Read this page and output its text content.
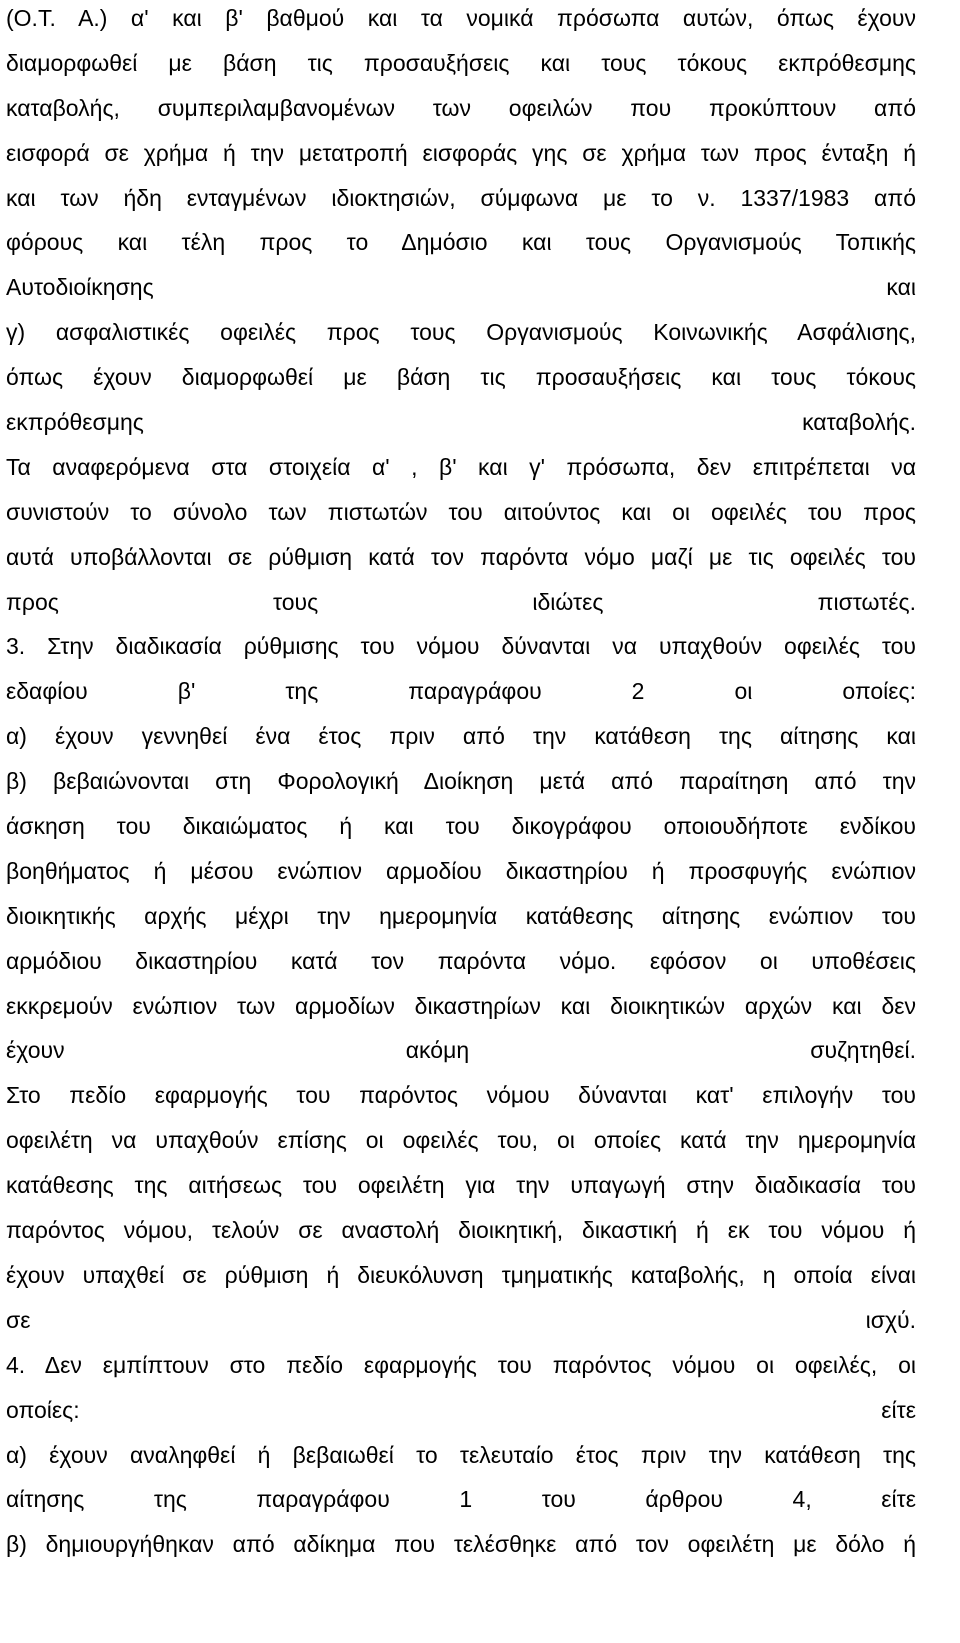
(Ο.Τ. Α.) α' και β' βαθμού και τα νομικά πρόσωπα αυτών, όπως έχουν
διαμορφωθεί με βάση τις προσαυξήσεις και τους τόκους εκπρόθεσμης
καταβολής, συμπεριλαμβανομένων των οφειλών που προκύπτουν από
εισφορά σε χρήμα ή την μετατροπή εισφοράς γης σε χρήμα των προς ένταξη ή
και των ήδη ενταγμένων ιδιοκτησιών, σύμφωνα με το ν. 1337/1983 από
φόρους και τέλη προς το Δημόσιο και τους Οργανισμούς Τοπικής
Αυτοδιοίκησης και
γ) ασφαλιστικές οφειλές προς τους Οργανισμούς Κοινωνικής Ασφάλισης,
όπως έχουν διαμορφωθεί με βάση τις προσαυξήσεις και τους τόκους
εκπρόθεσμης καταβολής.
Τα αναφερόμενα στα στοιχεία α' , β' και γ' πρόσωπα, δεν επιτρέπεται να
συνιστούν το σύνολο των πιστωτών του αιτούντος και οι οφειλές του προς
αυτά υποβάλλονται σε ρύθμιση κατά τον παρόντα νόμο μαζί με τις οφειλές του
προς τους ιδιώτες πιστωτές.
3. Στην διαδικασία ρύθμισης του νόμου δύνανται να υπαχθούν οφειλές του
εδαφίου β' της παραγράφου 2 οι οποίες:
α) έχουν γεννηθεί ένα έτος πριν από την κατάθεση της αίτησης και
β) βεβαιώνονται στη Φορολογική Διοίκηση μετά από παραίτηση από την
άσκηση του δικαιώματος ή και του δικογράφου οποιουδήποτε ενδίκου
βοηθήματος ή μέσου ενώπιον αρμοδίου δικαστηρίου ή προσφυγής ενώπιον
διοικητικής αρχής μέχρι την ημερομηνία κατάθεσης αίτησης ενώπιον του
αρμόδιου δικαστηρίου κατά τον παρόντα νόμο. εφόσον οι υποθέσεις
εκκρεμούν ενώπιον των αρμοδίων δικαστηρίων και διοικητικών αρχών και δεν
έχουν ακόμη συζητηθεί.
Στο πεδίο εφαρμογής του παρόντος νόμου δύνανται κατ' επιλογήν του
οφειλέτη να υπαχθούν επίσης οι οφειλές του, οι οποίες κατά την ημερομηνία
κατάθεσης της αιτήσεως του οφειλέτη για την υπαγωγή στην διαδικασία του
παρόντος νόμου, τελούν σε αναστολή διοικητική, δικαστική ή εκ του νόμου ή
έχουν υπαχθεί σε ρύθμιση ή διευκόλυνση τμηματικής καταβολής, η οποία είναι
σε ισχύ.
4. Δεν εμπίπτουν στο πεδίο εφαρμογής του παρόντος νόμου οι οφειλές, οι
οποίες: είτε
α) έχουν αναληφθεί ή βεβαιωθεί το τελευταίο έτος πριν την κατάθεση της
αίτησης της παραγράφου 1 του άρθρου 4, είτε
β) δημιουργήθηκαν από αδίκημα που τελέσθηκε από τον οφειλέτη με δόλο ή
